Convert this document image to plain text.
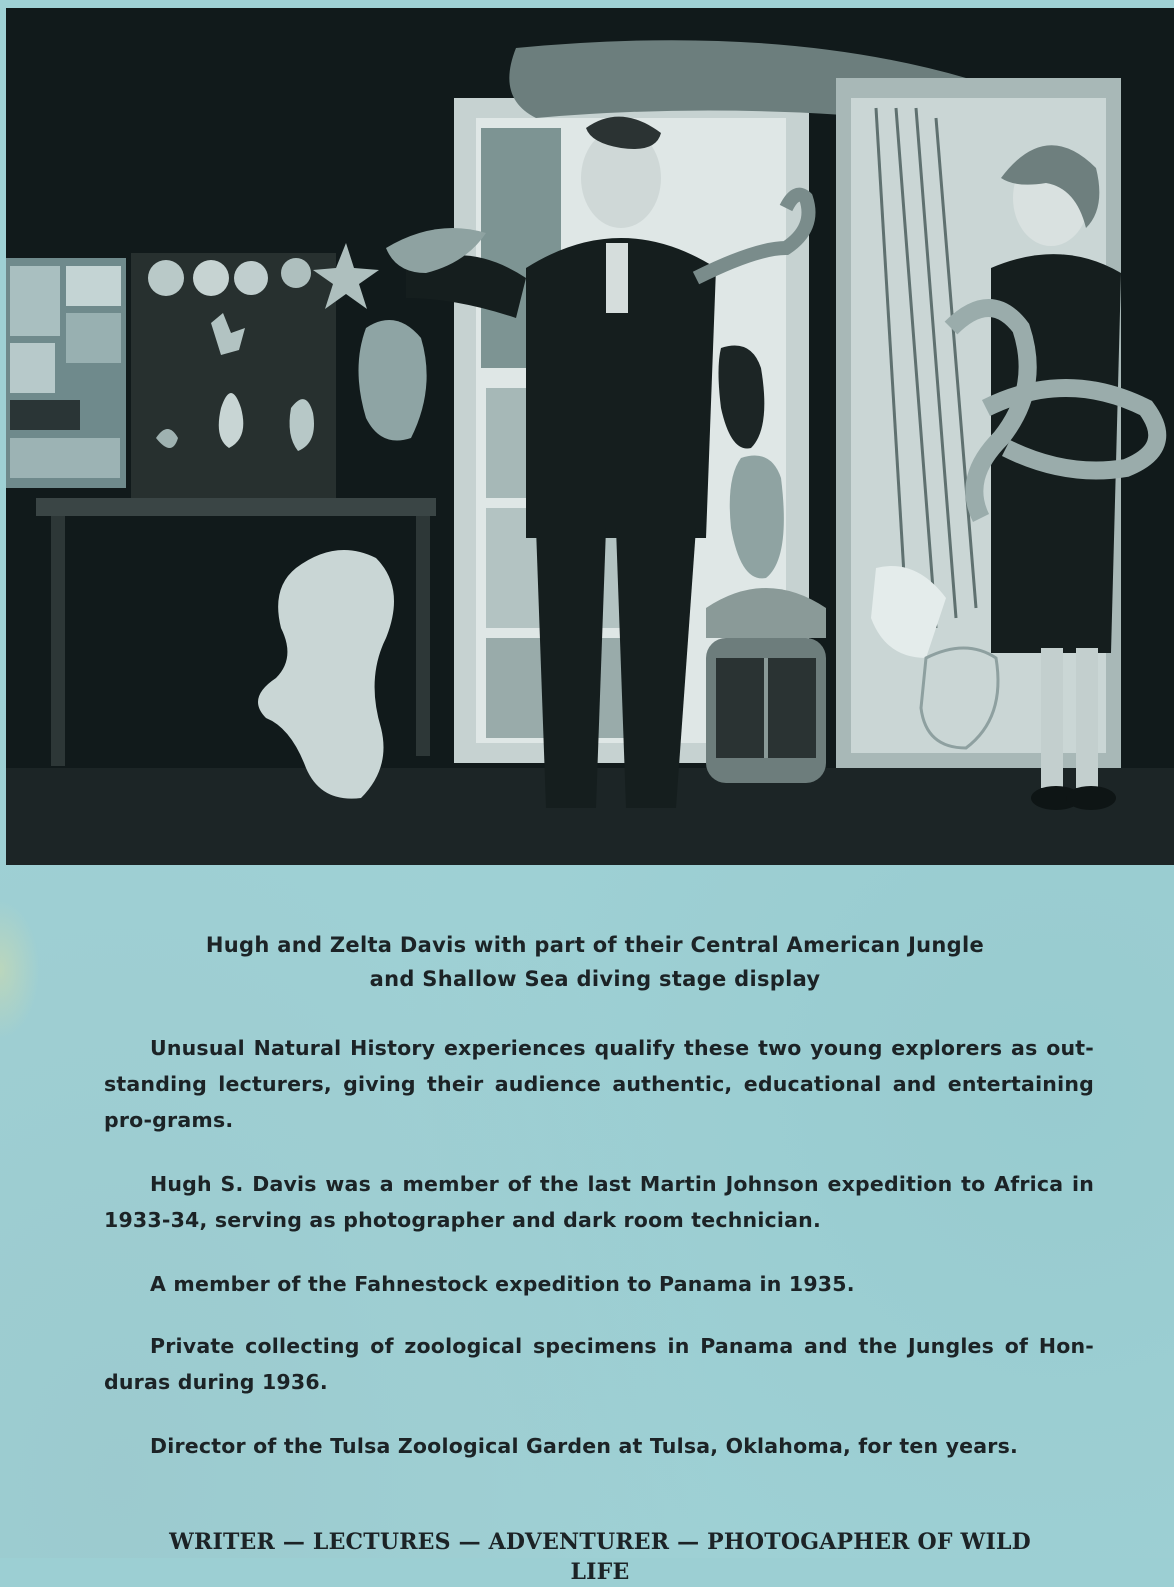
Hugh and Zelta Davis with part of their Central American Jungle
and Shallow Sea diving stage display
Unusual Natural History experiences qualify these two young explorers as out-standing lecturers, giving their audience authentic, educational and entertaining pro-grams.
Hugh S. Davis was a member of the last Martin Johnson expedition to Africa in 1933-34, serving as photographer and dark room technician.
A member of the Fahnestock expedition to Panama in 1935.
Private collecting of zoological specimens in Panama and the Jungles of Hon-duras during 1936.
Director of the Tulsa Zoological Garden at Tulsa, Oklahoma, for ten years.
WRITER — LECTURES — ADVENTURER — PHOTOGAPHER OF WILD LIFE
